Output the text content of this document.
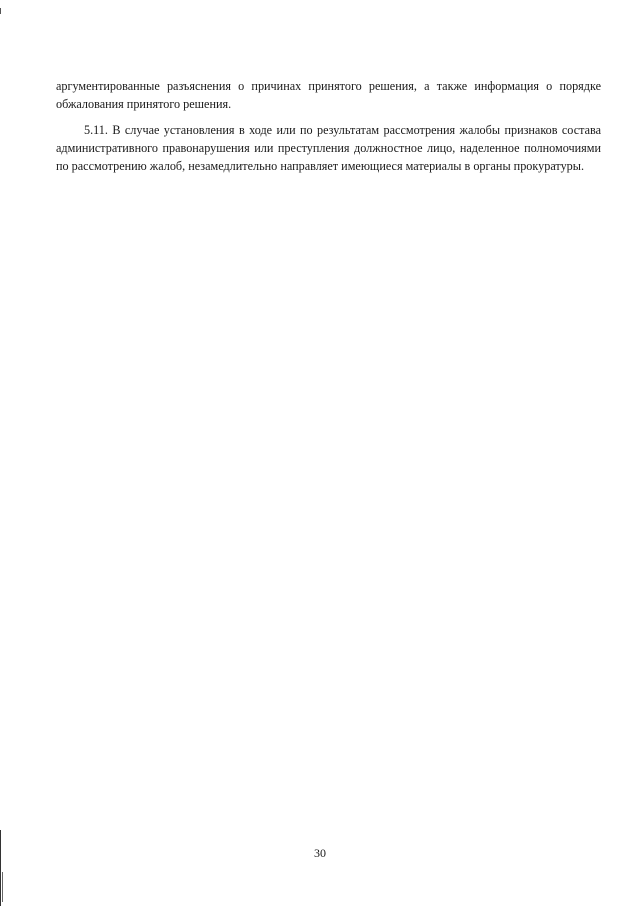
аргументированные разъяснения о причинах принятого решения, а также информация о порядке обжалования принятого решения.

5.11. В случае установления в ходе или по результатам рассмотрения жалобы признаков состава административного правонарушения или преступления должностное лицо, наделенное полномочиями по рассмотрению жалоб, незамедлительно направляет имеющиеся материалы в органы прокуратуры.

30
